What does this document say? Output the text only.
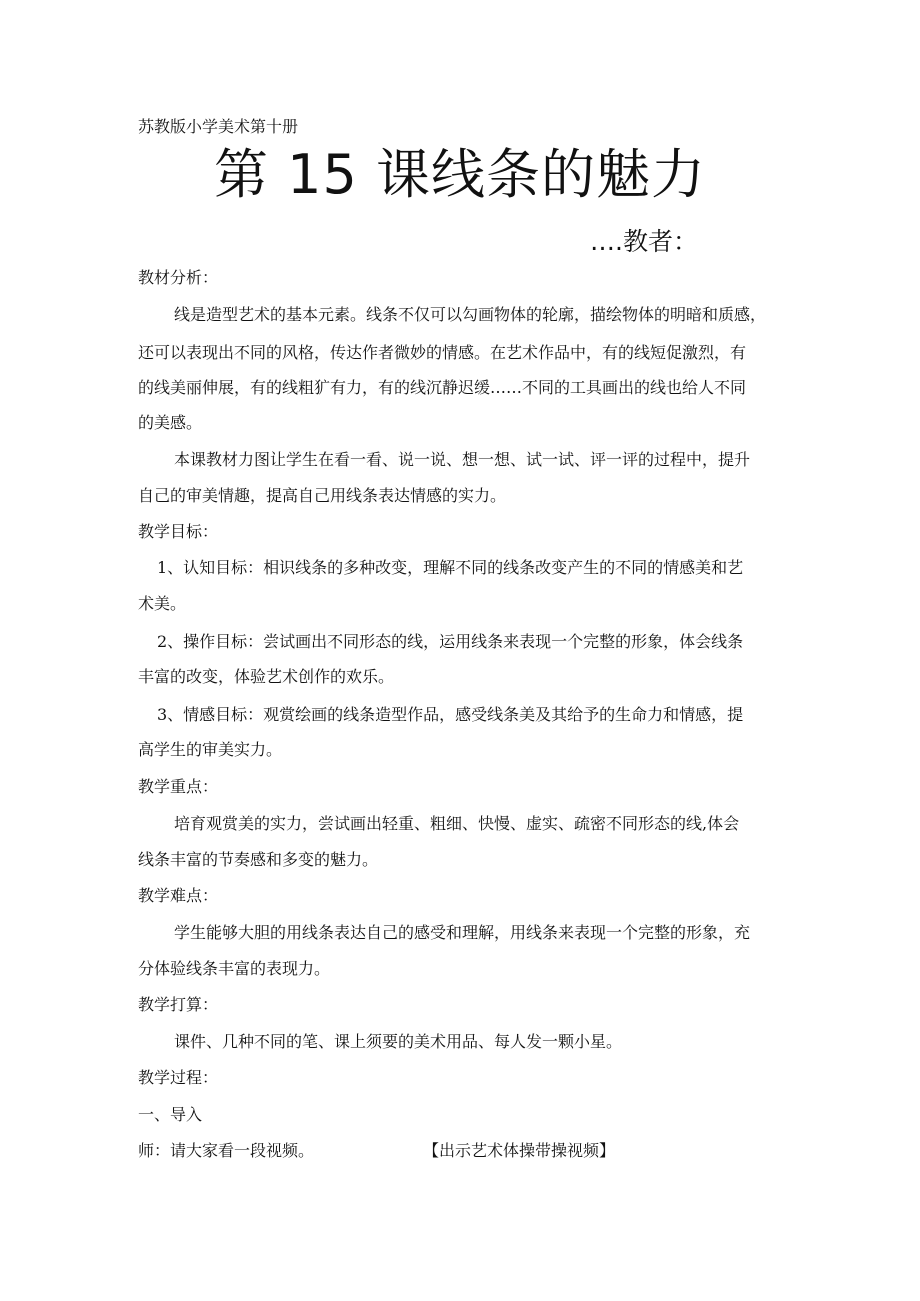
苏教版小学美术第十册

第 15 课线条的魅力
….教者：

教材分析：

线是造型艺术的基本元素。线条不仅可以勾画物体的轮廓，描绘物体的明暗和质感，

还可以表现出不同的风格，传达作者微妙的情感。在艺术作品中，有的线短促激烈，有

的线美丽伸展，有的线粗犷有力，有的线沉静迟缓……不同的工具画出的线也给人不同

的美感。

本课教材力图让学生在看一看、说一说、想一想、试一试、评一评的过程中，提升

自己的审美情趣，提高自己用线条表达情感的实力。

教学目标：

1、认知目标：相识线条的多种改变，理解不同的线条改变产生的不同的情感美和艺

术美。

2、操作目标：尝试画出不同形态的线，运用线条来表现一个完整的形象，体会线条

丰富的改变，体验艺术创作的欢乐。

3、情感目标：观赏绘画的线条造型作品，感受线条美及其给予的生命力和情感，提

高学生的审美实力。

教学重点：

培育观赏美的实力，尝试画出轻重、粗细、快慢、虚实、疏密不同形态的线,体会

线条丰富的节奏感和多变的魅力。

教学难点：

学生能够大胆的用线条表达自己的感受和理解，用线条来表现一个完整的形象，充

分体验线条丰富的表现力。

教学打算：

课件、几种不同的笔、课上须要的美术用品、每人发一颗小星。

教学过程：

一、导入

师：请大家看一段视频。	【出示艺术体操带操视频】
